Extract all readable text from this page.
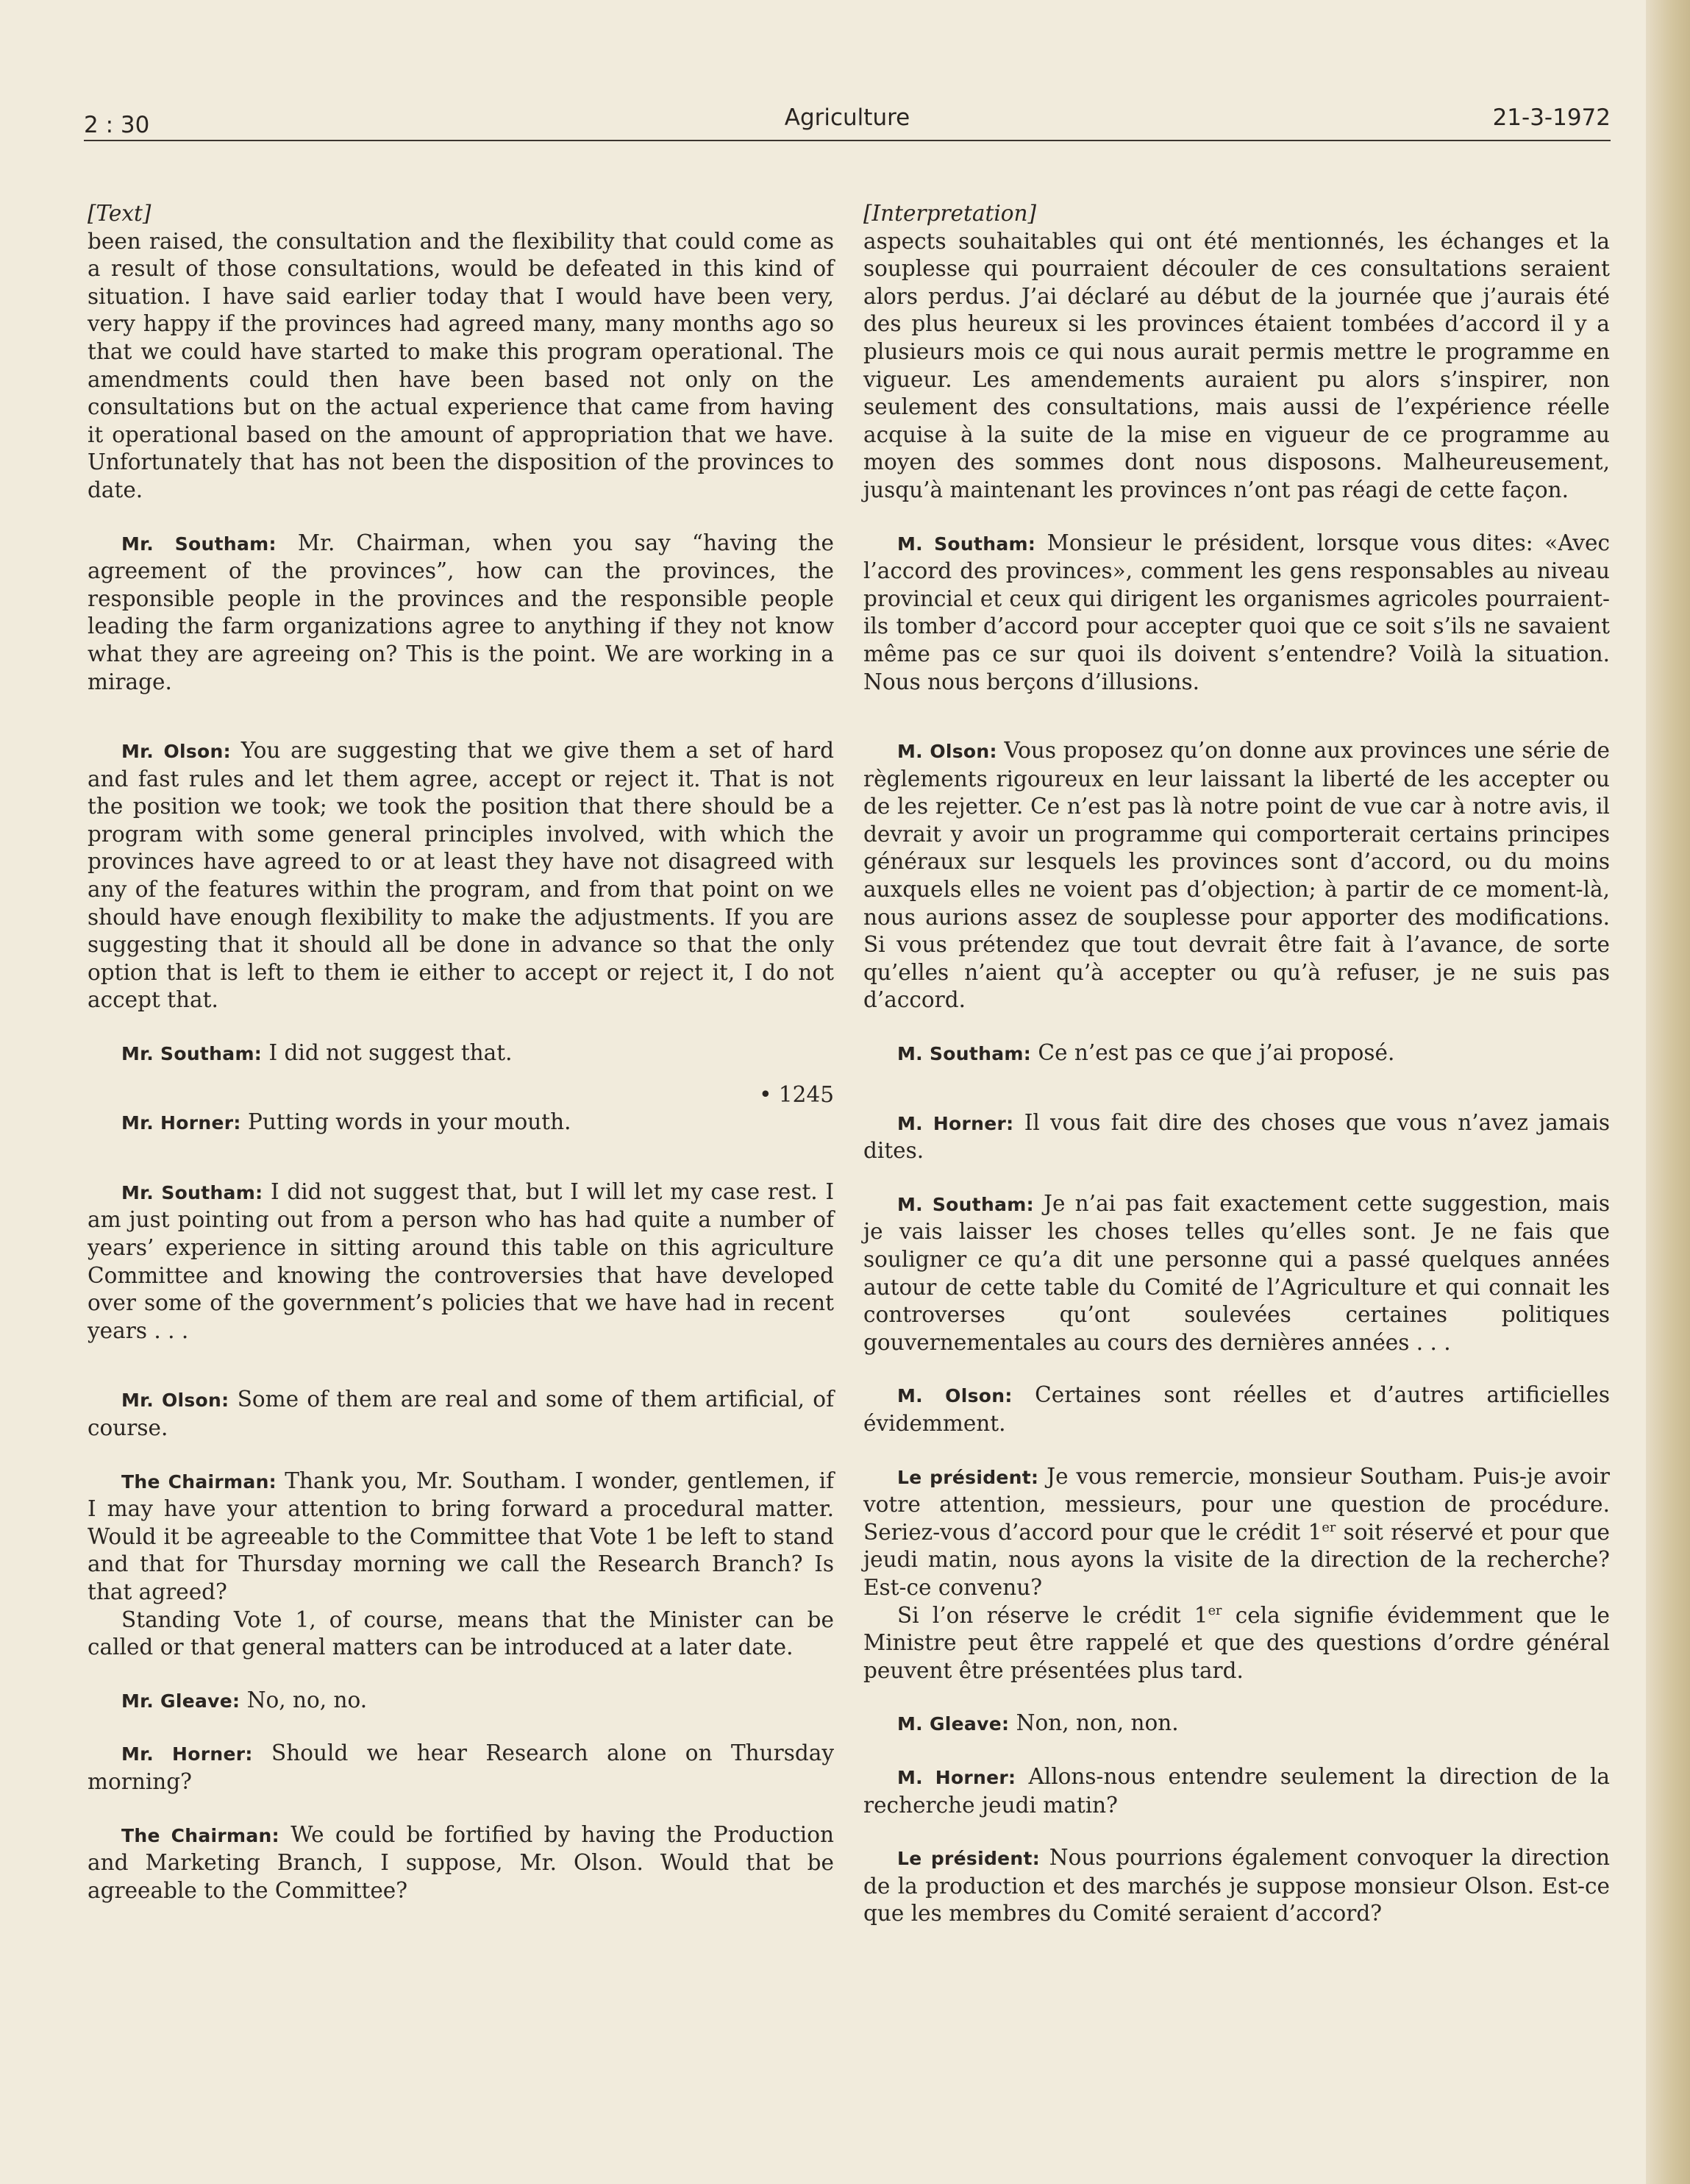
2 : 30	Agriculture	21-3-1972

[Text]

been raised, the consultation and the flexibility that could come as a result of those consultations, would be defeated in this kind of situation. I have said earlier today that I would have been very, very happy if the provinces had agreed many, many months ago so that we could have started to make this program operational. The amendments could then have been based not only on the consultations but on the actual experience that came from having it operational based on the amount of appropriation that we have. Unfortunately that has not been the disposition of the provinces to date.

Mr. Southam: Mr. Chairman, when you say “having the agreement of the provinces”, how can the provinces, the responsible people in the provinces and the responsible people leading the farm organizations agree to anything if they not know what they are agreeing on? This is the point. We are working in a mirage.

Mr. Olson: You are suggesting that we give them a set of hard and fast rules and let them agree, accept or reject it. That is not the position we took; we took the position that there should be a program with some general principles involved, with which the provinces have agreed to or at least they have not disagreed with any of the features within the program, and from that point on we should have enough flexibility to make the adjustments. If you are suggesting that it should all be done in advance so that the only option that is left to them ie either to accept or reject it, I do not accept that.

Mr. Southam: I did not suggest that.

• 1245

Mr. Horner: Putting words in your mouth.

Mr. Southam: I did not suggest that, but I will let my case rest. I am just pointing out from a person who has had quite a number of years’ experience in sitting around this table on this agriculture Committee and knowing the controversies that have developed over some of the government’s policies that we have had in recent years . . .

Mr. Olson: Some of them are real and some of them artificial, of course.

The Chairman: Thank you, Mr. Southam. I wonder, gentlemen, if I may have your attention to bring forward a procedural matter. Would it be agreeable to the Committee that Vote 1 be left to stand and that for Thursday morning we call the Research Branch? Is that agreed?

Standing Vote 1, of course, means that the Minister can be called or that general matters can be introduced at a later date.

Mr. Gleave: No, no, no.

Mr. Horner: Should we hear Research alone on Thursday morning?

The Chairman: We could be fortified by having the Production and Marketing Branch, I suppose, Mr. Olson. Would that be agreeable to the Committee?

[Interpretation]

aspects souhaitables qui ont été mentionnés, les échanges et la souplesse qui pourraient découler de ces consultations seraient alors perdus. J’ai déclaré au début de la journée que j’aurais été des plus heureux si les provinces étaient tombées d’accord il y a plusieurs mois ce qui nous aurait permis mettre le programme en vigueur. Les amendements auraient pu alors s’inspirer, non seulement des consultations, mais aussi de l’expérience réelle acquise à la suite de la mise en vigueur de ce programme au moyen des sommes dont nous disposons. Malheureusement, jusqu’à maintenant les provinces n’ont pas réagi de cette façon.

M. Southam: Monsieur le président, lorsque vous dites: «Avec l’accord des provinces», comment les gens responsables au niveau provincial et ceux qui dirigent les organismes agricoles pourraient-ils tomber d’accord pour accepter quoi que ce soit s’ils ne savaient même pas ce sur quoi ils doivent s’entendre? Voilà la situation. Nous nous berçons d’illusions.

M. Olson: Vous proposez qu’on donne aux provinces une série de règlements rigoureux en leur laissant la liberté de les accepter ou de les rejetter. Ce n’est pas là notre point de vue car à notre avis, il devrait y avoir un programme qui comporterait certains principes généraux sur lesquels les provinces sont d’accord, ou du moins auxquels elles ne voient pas d’objection; à partir de ce moment-là, nous aurions assez de souplesse pour apporter des modifications. Si vous prétendez que tout devrait être fait à l’avance, de sorte qu’elles n’aient qu’à accepter ou qu’à refuser, je ne suis pas d’accord.

M. Southam: Ce n’est pas ce que j’ai proposé.

M. Horner: Il vous fait dire des choses que vous n’avez jamais dites.

M. Southam: Je n’ai pas fait exactement cette suggestion, mais je vais laisser les choses telles qu’elles sont. Je ne fais que souligner ce qu’a dit une personne qui a passé quelques années autour de cette table du Comité de l’Agriculture et qui connait les controverses qu’ont soulevées certaines politiques gouvernementales au cours des dernières années . . .

M. Olson: Certaines sont réelles et d’autres artificielles évidemment.

Le président: Je vous remercie, monsieur Southam. Puis-je avoir votre attention, messieurs, pour une question de procédure. Seriez-vous d’accord pour que le crédit 1er soit réservé et pour que jeudi matin, nous ayons la visite de la direction de la recherche? Est-ce convenu?

Si l’on réserve le crédit 1er cela signifie évidemment que le Ministre peut être rappelé et que des questions d’ordre général peuvent être présentées plus tard.

M. Gleave: Non, non, non.

M. Horner: Allons-nous entendre seulement la direction de la recherche jeudi matin?

Le président: Nous pourrions également convoquer la direction de la production et des marchés je suppose monsieur Olson. Est-ce que les membres du Comité seraient d’accord?
